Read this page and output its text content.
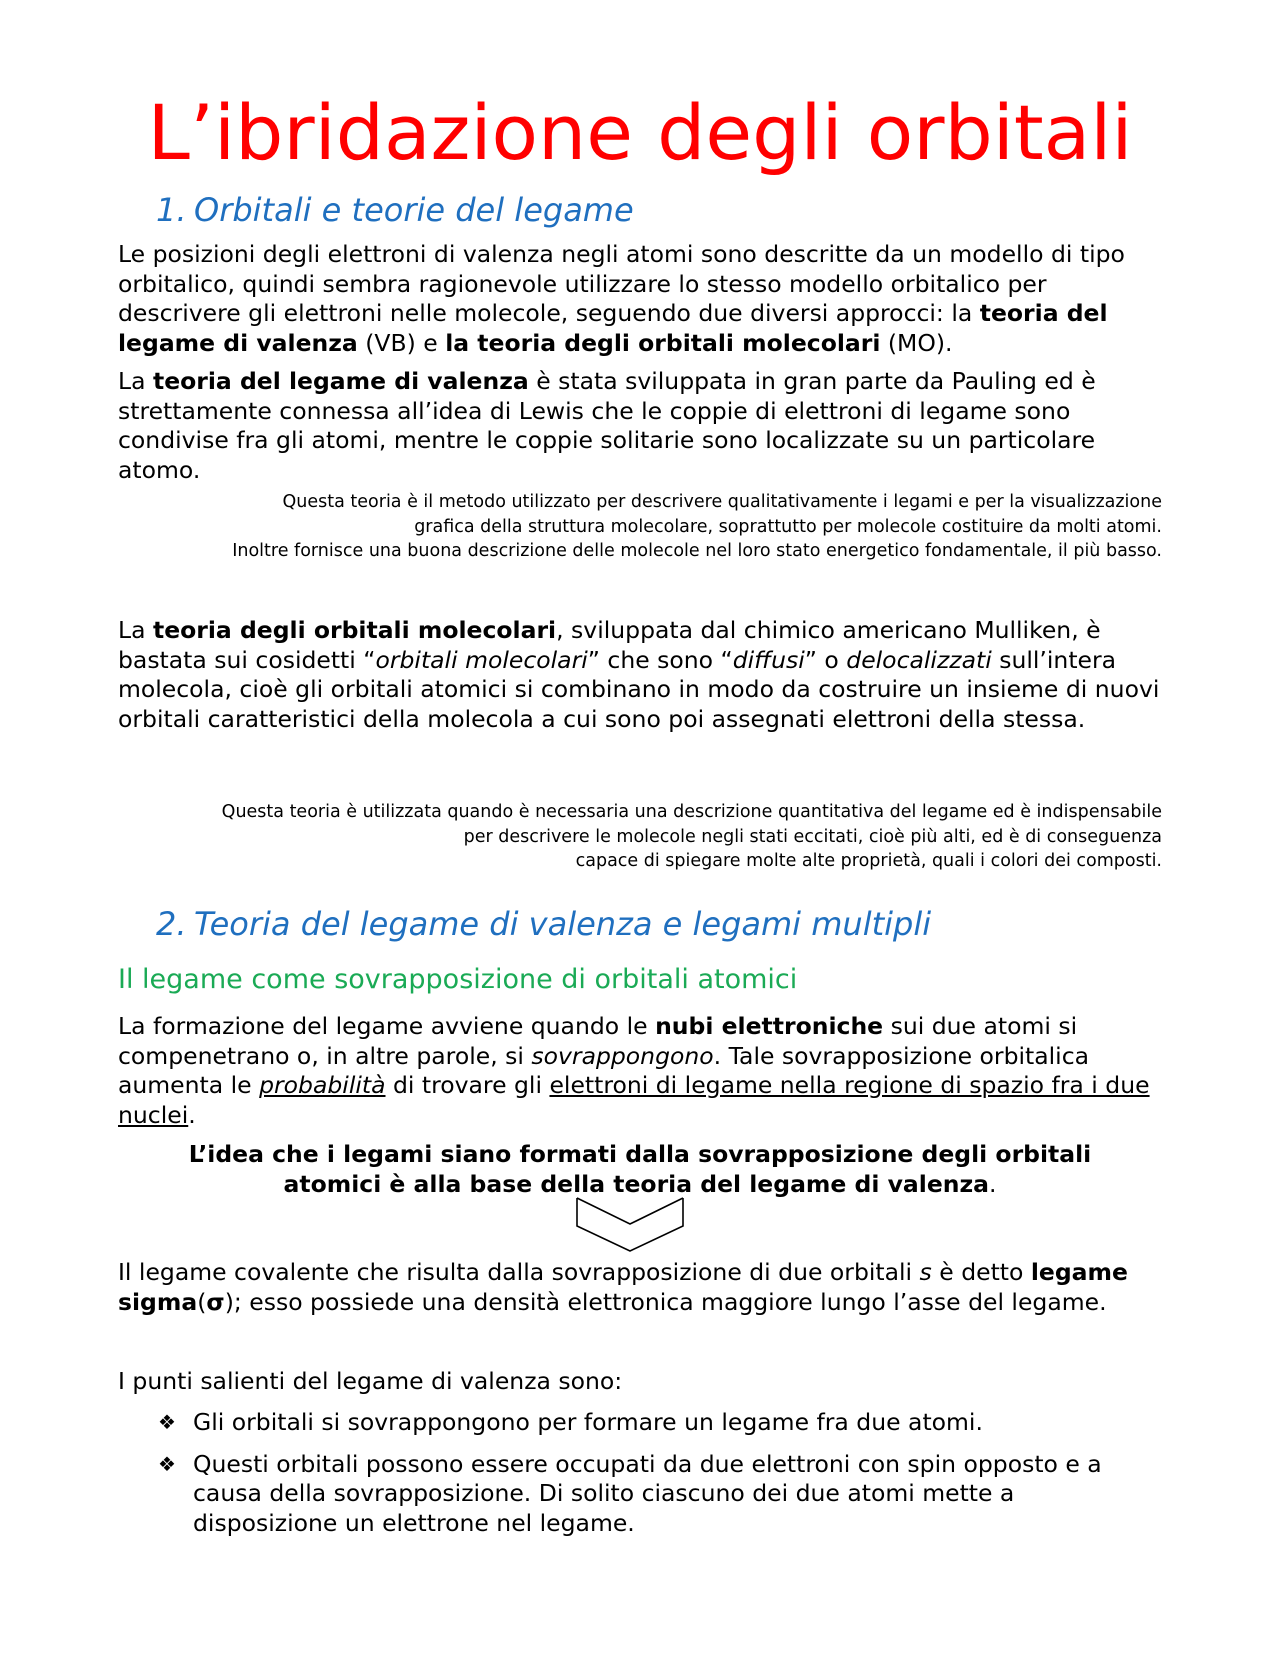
L’ibridazione degli orbitali
1. Orbitali e teorie del legame

Le posizioni degli elettroni di valenza negli atomi sono descritte da un modello di tipo orbitalico, quindi sembra ragionevole utilizzare lo stesso modello orbitalico per descrivere gli elettroni nelle molecole, seguendo due diversi approcci: la teoria del legame di valenza (VB) e la teoria degli orbitali molecolari (MO).

La teoria del legame di valenza è stata sviluppata in gran parte da Pauling ed è strettamente connessa all’idea di Lewis che le coppie di elettroni di legame sono condivise fra gli atomi, mentre le coppie solitarie sono localizzate su un particolare atomo.

Questa teoria è il metodo utilizzato per descrivere qualitativamente i legami e per la visualizzazione

grafica della struttura molecolare, soprattutto per molecole costituire da molti atomi.

Inoltre fornisce una buona descrizione delle molecole nel loro stato energetico fondamentale, il più basso.

La teoria degli orbitali molecolari, sviluppata dal chimico americano Mulliken, è bastata sui cosidetti “orbitali molecolari” che sono “diffusi” o delocalizzati sull’intera molecola, cioè gli orbitali atomici si combinano in modo da costruire un insieme di nuovi orbitali caratteristici della molecola a cui sono poi assegnati elettroni della stessa.

Questa teoria è utilizzata quando è necessaria una descrizione quantitativa del legame ed è indispensabile

per descrivere le molecole negli stati eccitati, cioè più alti, ed è di conseguenza

capace di spiegare molte alte proprietà, quali i colori dei composti.

2. Teoria del legame di valenza e legami multipli
Il legame come sovrapposizione di orbitali atomici

La formazione del legame avviene quando le nubi elettroniche sui due atomi si compenetrano o, in altre parole, si sovrappongono. Tale sovrapposizione orbitalica aumenta le probabilità di trovare gli elettroni di legame nella regione di spazio fra i due nuclei.

L’idea che i legami siano formati dalla sovrapposizione degli orbitali atomici è alla base della teoria del legame di valenza.

Il legame covalente che risulta dalla sovrapposizione di due orbitali s è detto legame sigma(σ); esso possiede una densità elettronica maggiore lungo l’asse del legame.

I punti salienti del legame di valenza sono:

❖ Gli orbitali si sovrappongono per formare un legame fra due atomi.
❖ Questi orbitali possono essere occupati da due elettroni con spin opposto e a causa della sovrapposizione. Di solito ciascuno dei due atomi mette a disposizione un elettrone nel legame.
